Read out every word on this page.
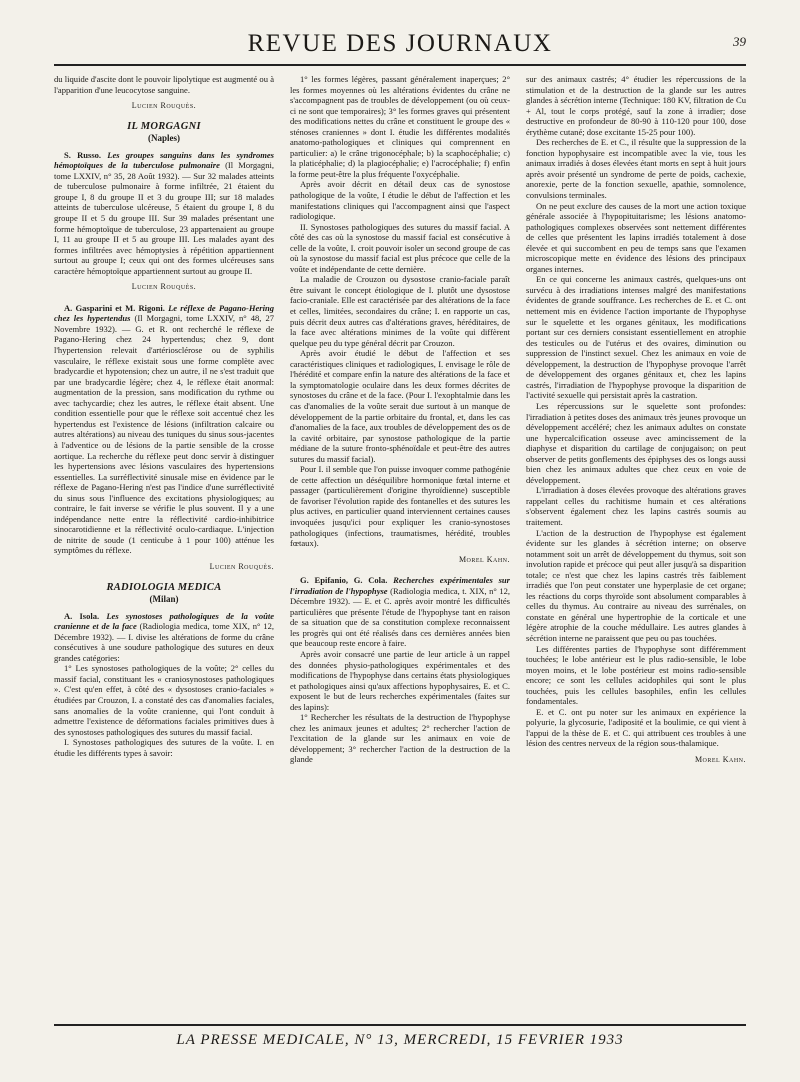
REVUE DES JOURNAUX	39

du liquide d'ascite dont le pouvoir lipolytique est augmenté ou à l'apparition d'une leucocytose sanguine.

Lucien Rouquès.
IL MORGAGNI
(Naples)

S. Russo. Les groupes sanguins dans les syndromes hémoptoïques de la tuberculose pulmonaire (Il Morgagni, tome LXXIV, n° 35, 28 Août 1932). — Sur 32 malades atteints de tuberculose pulmonaire à forme infiltrée, 21 étaient du groupe I, 8 du groupe II et 3 du groupe III; sur 18 malades atteints de tuberculose ulcéreuse, 5 étaient du groupe I, 8 du groupe II et 5 du groupe III. Sur 39 malades présentant une forme hémoptoïque de tuberculose, 23 appartenaient au groupe I, 11 au groupe II et 5 au groupe III. Les malades ayant des formes infiltrées avec hémoptysies à répétition appartiennent surtout au groupe I; ceux qui ont des formes ulcéreuses sans caractère hémoptoïque appartiennent surtout au groupe II.

Lucien Rouquès.

A. Gasparini et M. Rigoni. Le réflexe de Pagano-Hering chez les hypertendus (Il Morgagni, tome LXXIV, n° 48, 27 Novembre 1932). — G. et R. ont recherché le réflexe de Pagano-Hering chez 24 hypertendus; chez 9, dont l'hypertension relevait d'artériosclérose ou de syphilis vasculaire, le réflexe existait sous une forme complète avec bradycardie et hypotension; chez un autre, il ne s'est traduit que par une bradycardie légère; chez 4, le réflexe était anormal: augmentation de la pression, sans modification du rythme ou avec tachycardie; chez les autres, le réflexe était absent. Une condition essentielle pour que le réflexe soit accentué chez les hypertendus est l'existence de lésions (infiltration calcaire ou autres altérations) au niveau des tuniques du sinus sous-jacentes à l'adventice ou de lésions de la partie sensible de la crosse aortique. La recherche du réflexe peut donc servir à distinguer les hypertensions avec lésions vasculaires des hypertensions essentielles. La surréflectivité sinusale mise en évidence par le réflexe de Pagano-Hering n'est pas l'indice d'une surréflectivité du sinus sous l'influence des excitations physiologiques; au contraire, le fait inverse se vérifie le plus souvent. Il y a une indépendance nette entre la réflectivité cardio-inhibitrice sinocarotidienne et la réflectivité oculo-cardiaque. L'injection de nitrite de soude (1 centicube à 1 pour 100) atténue les symptômes du réflexe.

Lucien Rouquès.
RADIOLOGIA MEDICA
(Milan)

A. Isola. Les synostoses pathologiques de la voûte cranienne et de la face (Radiologia medica, tome XIX, n° 12, Décembre 1932). — I. divise les altérations de forme du crâne consécutives à une soudure pathologique des sutures en deux grandes catégories:

1° Les synostoses pathologiques de la voûte; 2° celles du massif facial, constituant les « craniosynostoses pathologiques ». C'est qu'en effet, à côté des « dysostoses cranio-faciales » étudiées par Crouzon, I. a constaté des cas d'anomalies faciales, sans anomalies de la voûte cranienne, qui l'ont conduit à admettre l'existence de déformations faciales primitives dues à des synostoses pathologiques des sutures du massif facial.

I. Synostoses pathologiques des sutures de la voûte. I. en étudie les différents types à savoir:

1° les formes légères, passant généralement inaperçues; 2° les formes moyennes où les altérations évidentes du crâne ne s'accompagnent pas de troubles de développement (ou où ceux-ci ne sont que temporaires); 3° les formes graves qui présentent des modifications nettes du crâne et constituent le groupe des « sténoses craniennes » dont I. étudie les différentes modalités anatomo-pathologiques et cliniques qui comprennent en particulier: a) le crâne trigonocéphale; b) la scaphocéphalie; c) la platicéphalie; d) la plagiocéphalie; e) l'acrocéphalie; f) enfin la forme peut-être la plus fréquente l'oxycéphalie.

Après avoir décrit en détail deux cas de synostose pathologique de la voûte, I étudie le début de l'affection et les manifestations cliniques qui l'accompagnent ainsi que l'aspect radiologique.

II. Synostoses pathologiques des sutures du massif facial. A côté des cas où la synostose du massif facial est consécutive à celle de la voûte, I. croit pouvoir isoler un second groupe de cas où la synostose du massif facial est plus précoce que celle de la voûte et indépendante de cette dernière.

La maladie de Crouzon ou dysostose cranio-faciale paraît être suivant le concept étiologique de I. plutôt une dysostose facio-craniale. Elle est caractérisée par des altérations de la face et celles, limitées, secondaires du crâne; I. en rapporte un cas, puis décrit deux autres cas d'altérations graves, héréditaires, de la face avec altérations minimes de la voûte qui diffèrent quelque peu du type général décrit par Crouzon.

Après avoir étudié le début de l'affection et ses caractéristiques cliniques et radiologiques, I. envisage le rôle de l'hérédité et compare enfin la nature des altérations de la face et la symptomatologie oculaire dans les deux formes décrites de synostoses du crâne et de la face. (Pour I. l'exophtalmie dans les cas d'anomalies de la voûte serait due surtout à un manque de développement de la partie orbitaire du frontal, et, dans les cas d'anomalies de la face, aux troubles de développement des os de la cavité orbitaire, par synostose pathologique de la partie médiane de la suture fronto-sphénoïdale et peut-être des autres sutures du massif facial).

Pour I. il semble que l'on puisse invoquer comme pathogénie de cette affection un déséquilibre hormonique fœtal interne et passager (particulièrement d'origine thyroïdienne) susceptible de favoriser l'évolution rapide des fontanelles et des sutures les plus actives, en particulier quand interviennent certaines causes invoquées jusqu'ici pour expliquer les cranio-synostoses pathologiques (infections, traumatismes, hérédité, troubles fœtaux).

Morel Kahn.

G. Epifanio, G. Cola. Recherches expérimentales sur l'irradiation de l'hypophyse (Radiologia medica, t. XIX, n° 12, Décembre 1932). — E. et C. après avoir montré les difficultés particulières que présente l'étude de l'hypophyse tant en raison de sa situation que de sa constitution complexe reconnaissent les progrès qui ont été réalisés dans ces dernières années bien que beaucoup reste encore à faire.

Après avoir consacré une partie de leur article à un rappel des données physio-pathologiques expérimentales et des modifications de l'hypophyse dans certains états physiologiques et pathologiques ainsi qu'aux affections hypophysaires, E. et C. exposent le but de leurs recherches expérimentales (faites sur des lapins):

1° Rechercher les résultats de la destruction de l'hypophyse chez les animaux jeunes et adultes; 2° rechercher l'action de l'excitation de la glande sur les animaux en voie de développement; 3° rechercher l'action de la destruction de la glande

sur des animaux castrés; 4° étudier les répercussions de la stimulation et de la destruction de la glande sur les autres glandes à sécrétion interne (Technique: 180 KV, filtration de Cu + Al, tout le corps protégé, sauf la zone à irradier; dose destructive en profondeur de 80-90 à 110-120 pour 100, dose érythème cutané; dose excitante 15-25 pour 100).

Des recherches de E. et C., il résulte que la suppression de la fonction hypophysaire est incompatible avec la vie, tous les animaux irradiés à doses élevées étant morts en sept à huit jours après avoir présenté un syndrome de perte de poids, cachexie, anorexie, perte de la fonction sexuelle, apathie, somnolence, convulsions terminales.

On ne peut exclure des causes de la mort une action toxique générale associée à l'hypopituitarisme; les lésions anatomo-pathologiques complexes observées sont nettement différentes de celles que présentent les lapins irradiés totalement à dose élevée et qui succombent en peu de temps sans que l'examen microscopique mette en évidence des lésions des principaux organes internes.

En ce qui concerne les animaux castrés, quelques-uns ont survécu à des irradiations intenses malgré des manifestations évidentes de grande souffrance. Les recherches de E. et C. ont nettement mis en évidence l'action importante de l'hypophyse sur le squelette et les organes génitaux, les modifications portant sur ces derniers consistant essentiellement en atrophie des testicules ou de l'utérus et des ovaires, diminution ou suppression de l'instinct sexuel. Chez les animaux en voie de développement, la destruction de l'hypophyse provoque l'arrêt de développement des organes génitaux et, chez les lapins castrés, l'irradiation de l'hypophyse provoque la disparition de l'activité sexuelle qui persistait après la castration.

Les répercussions sur le squelette sont profondes: l'irradiation à petites doses des animaux très jeunes provoque un développement accéléré; chez les animaux adultes on constate une hypercalcification osseuse avec amincissement de la diaphyse et disparition du cartilage de conjugaison; on peut observer de petits gonflements des épiphyses des os longs aussi bien chez les animaux adultes que chez ceux en voie de développement.

L'irradiation à doses élevées provoque des altérations graves rappelant celles du rachitisme humain et ces altérations s'observent également chez les lapins castrés soumis au traitement.

L'action de la destruction de l'hypophyse est également évidente sur les glandes à sécrétion interne; on observe notamment soit un arrêt de développement du thymus, soit son involution rapide et précoce qui peut aller jusqu'à sa disparition totale; ce n'est que chez les lapins castrés très faiblement irradiés que l'on peut constater une hyperplasie de cet organe; les réactions du corps thyroïde sont absolument comparables à celles du thymus. Au contraire au niveau des surrénales, on constate en général une hypertrophie de la corticale et une légère atrophie de la couche médullaire. Les autres glandes à sécrétion interne ne paraissent que peu ou pas touchées.

Les différentes parties de l'hypophyse sont différemment touchées; le lobe antérieur est le plus radio-sensible, le lobe moyen moins, et le lobe postérieur est moins radio-sensible encore; ce sont les cellules acidophiles qui sont le plus touchées, puis les cellules basophiles, enfin les cellules fondamentales.

E. et C. ont pu noter sur les animaux en expérience la polyurie, la glycosurie, l'adiposité et la boulimie, ce qui vient à l'appui de la thèse de E. et C. qui attribuent ces troubles à une lésion des centres nerveux de la région sous-thalamique.

Morel Kahn.
LA PRESSE MEDICALE, N° 13, MERCREDI, 15 FEVRIER 1933
